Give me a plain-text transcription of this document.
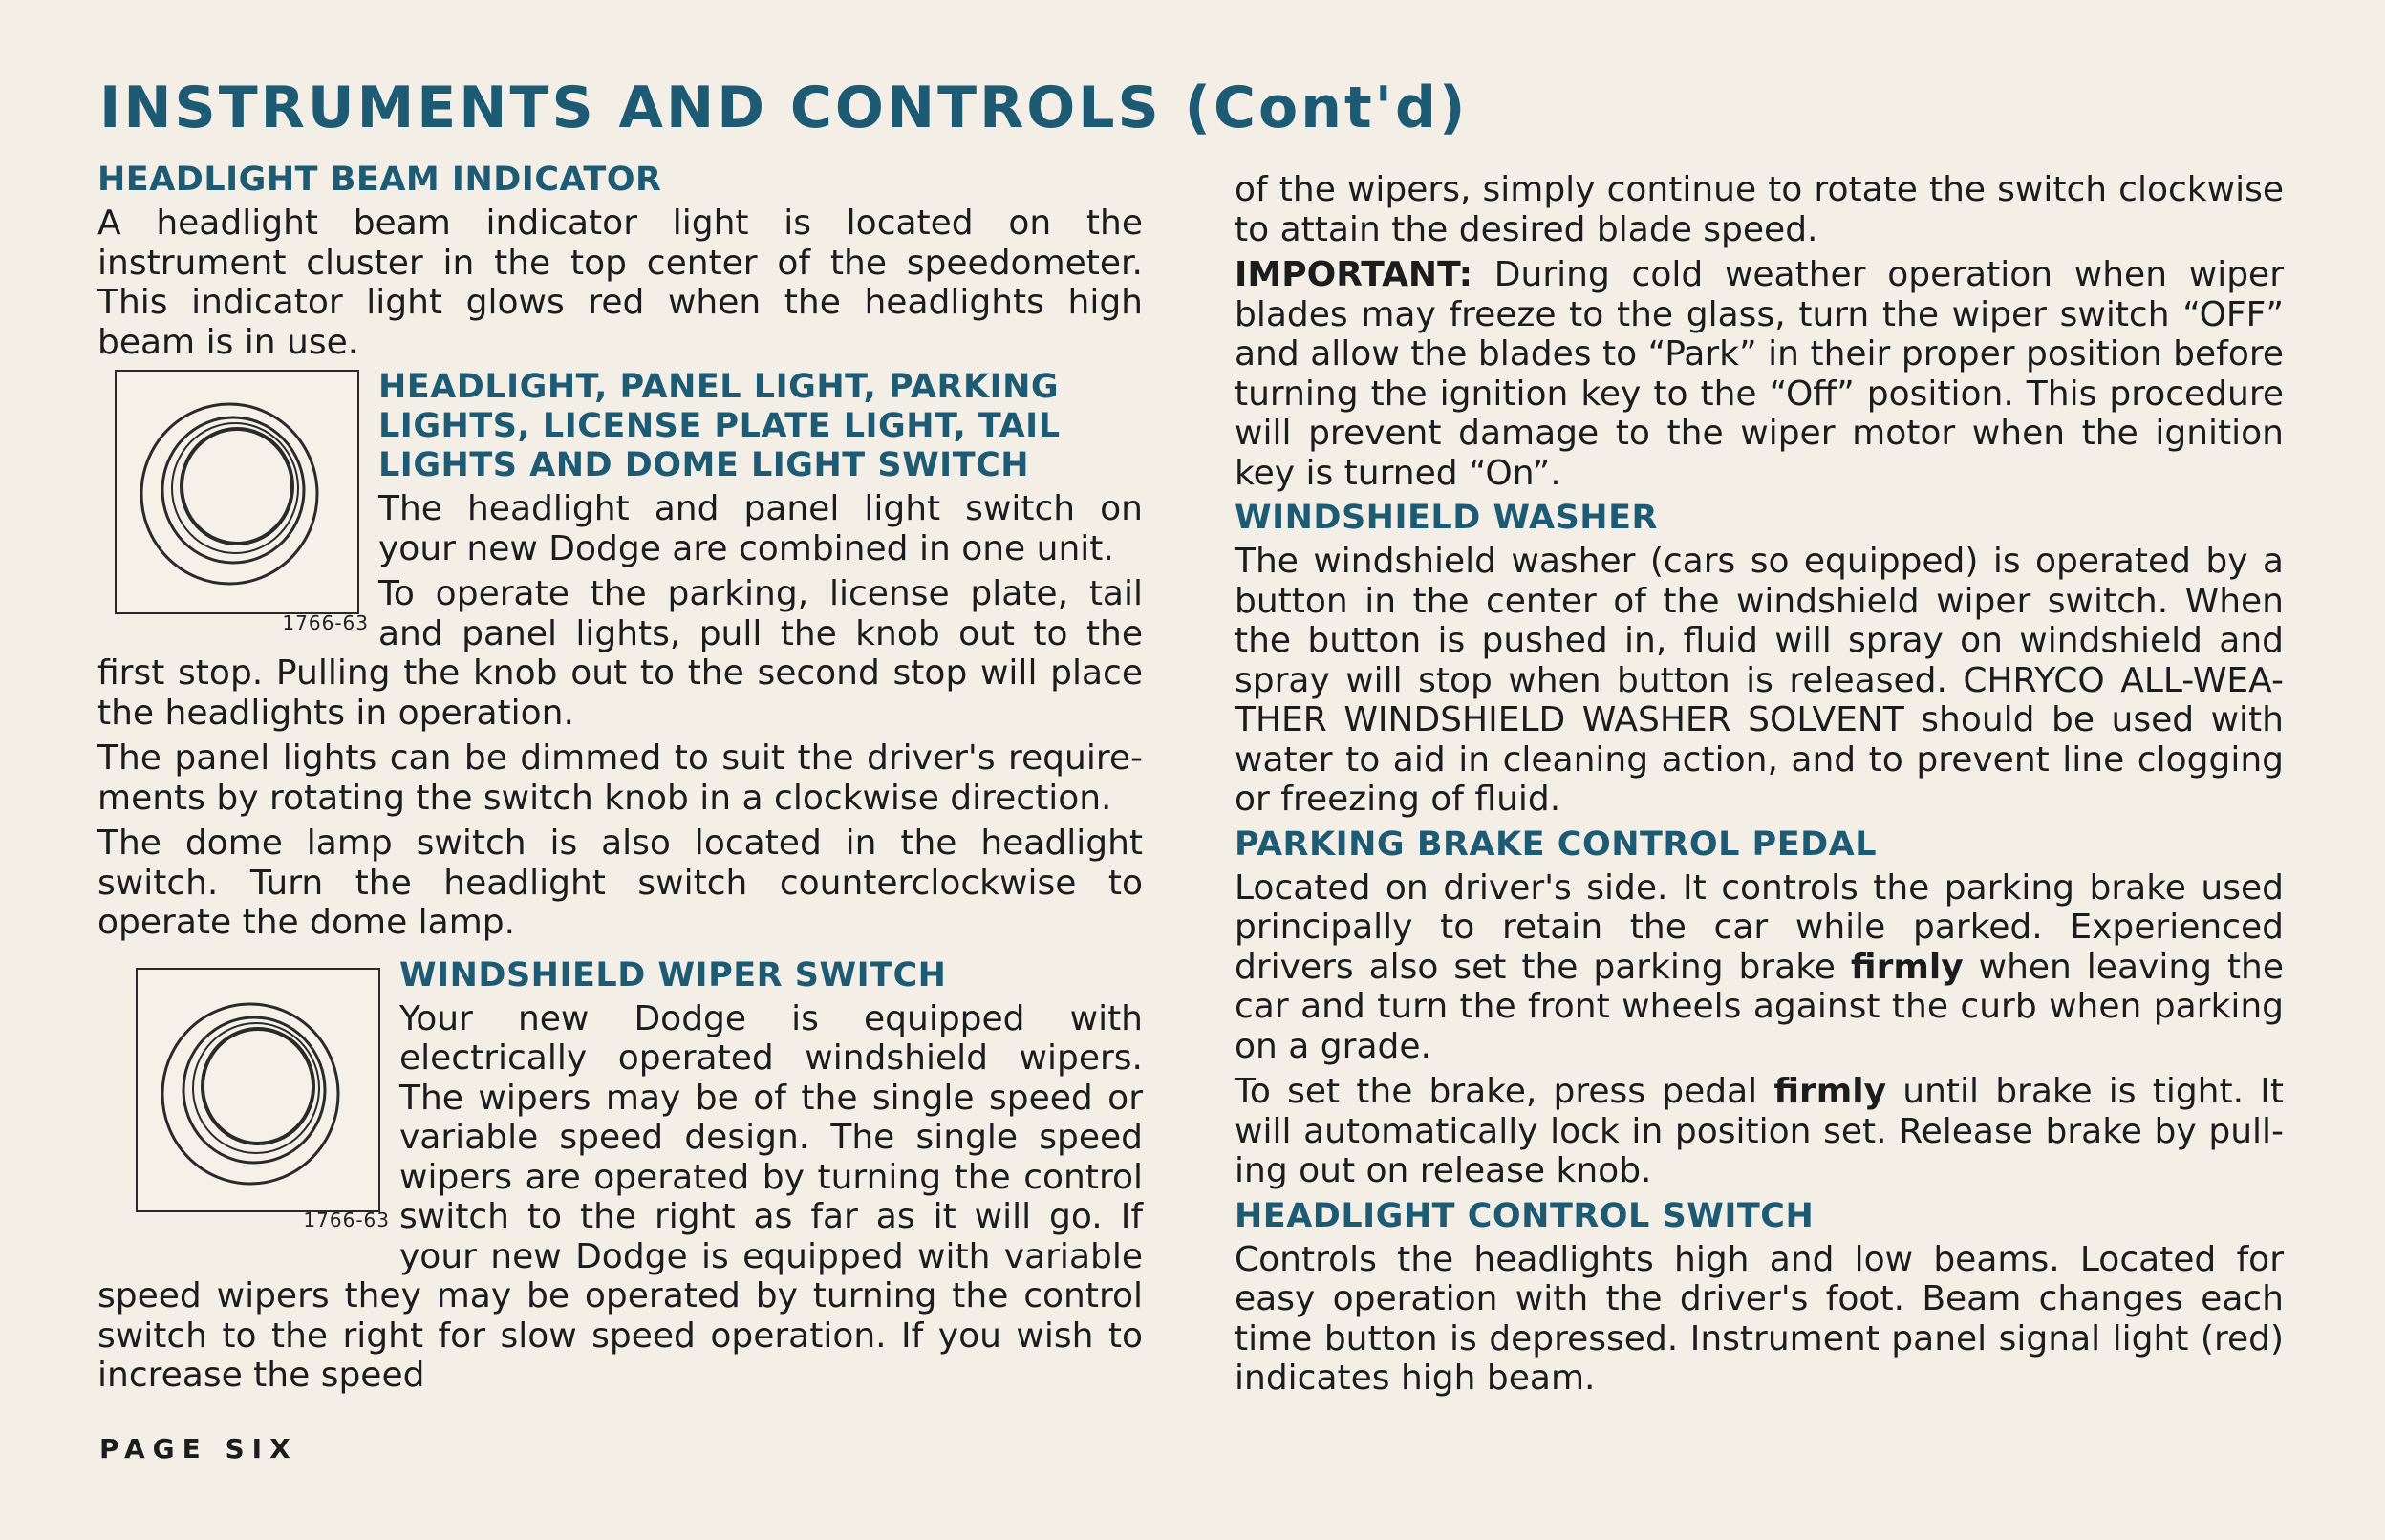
INSTRUMENTS AND CONTROLS (Cont'd)
HEADLIGHT BEAM INDICATOR

A headlight beam indicator light is located on the instrument cluster in the top center of the speedometer. This indicator light glows red when the headlights high beam is in use.

1766-63
HEADLIGHT, PANEL LIGHT, PARKING LIGHTS, LICENSE PLATE LIGHT, TAIL LIGHTS AND DOME LIGHT SWITCH

The headlight and panel light switch on your new Dodge are combined in one unit.

To operate the parking, license plate, tail and panel lights, pull the knob out to the first stop. Pulling the knob out to the second stop will place the headlights in operation.

The panel lights can be dimmed to suit the driver's require-ments by rotating the switch knob in a clockwise direction.

The dome lamp switch is also located in the headlight switch. Turn the headlight switch counterclockwise to operate the dome lamp.

1766-63
WINDSHIELD WIPER SWITCH

Your new Dodge is equipped with electrically operated windshield wipers. The wipers may be of the single speed or variable speed design. The single speed wipers are operated by turning the control switch to the right as far as it will go. If your new Dodge is equipped with variable speed wipers they may be operated by turning the control switch to the right for slow speed operation. If you wish to increase the speed

of the wipers, simply continue to rotate the switch clockwise to attain the desired blade speed.

IMPORTANT: During cold weather operation when wiper blades may freeze to the glass, turn the wiper switch “OFF” and allow the blades to “Park” in their proper position before turning the ignition key to the “Off” position. This procedure will prevent damage to the wiper motor when the ignition key is turned “On”.

WINDSHIELD WASHER

The windshield washer (cars so equipped) is operated by a button in the center of the windshield wiper switch. When the button is pushed in, fluid will spray on windshield and spray will stop when button is released. CHRYCO ALL-WEA-THER WINDSHIELD WASHER SOLVENT should be used with water to aid in cleaning action, and to prevent line clogging or freezing of fluid.

PARKING BRAKE CONTROL PEDAL

Located on driver's side. It controls the parking brake used principally to retain the car while parked. Experienced drivers also set the parking brake firmly when leaving the car and turn the front wheels against the curb when parking on a grade.

To set the brake, press pedal firmly until brake is tight. It will automatically lock in position set. Release brake by pull-ing out on release knob.

HEADLIGHT CONTROL SWITCH

Controls the headlights high and low beams. Located for easy operation with the driver's foot. Beam changes each time button is depressed. Instrument panel signal light (red) indicates high beam.

PAGE SIX
